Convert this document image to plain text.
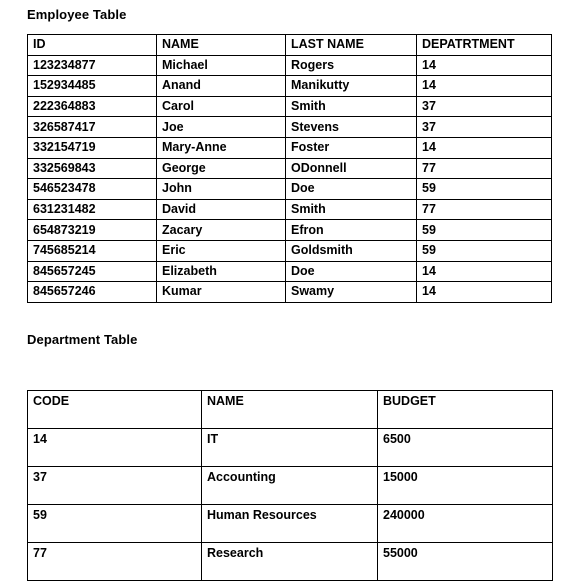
Employee Table
ID	NAME	LAST NAME	DEPATRTMENT
123234877	Michael	Rogers	14
152934485	Anand	Manikutty	14
222364883	Carol	Smith	37
326587417	Joe	Stevens	37
332154719	Mary-Anne	Foster	14
332569843	George	ODonnell	77
546523478	John	Doe	59
631231482	David	Smith	77
654873219	Zacary	Efron	59
745685214	Eric	Goldsmith	59
845657245	Elizabeth	Doe	14
845657246	Kumar	Swamy	14
Department Table
CODE	NAME	BUDGET
14	IT	6500
37	Accounting	15000
59	Human Resources	240000
77	Research	55000
